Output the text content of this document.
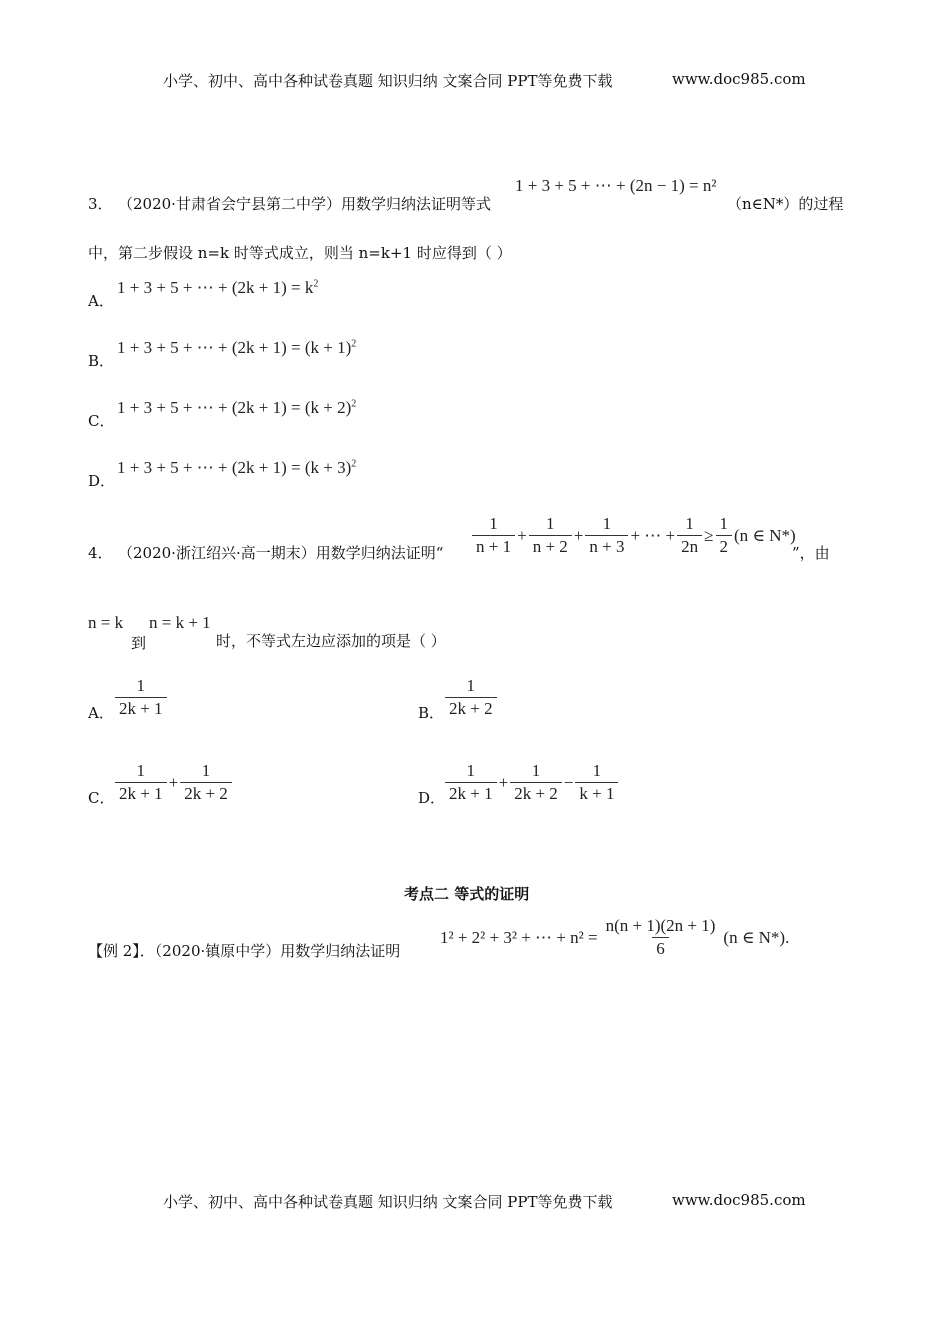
小学、初中、高中各种试卷真题 知识归纳 文案合同 PPT等免费下载	www.doc985.com
3． （2020·甘肃省会宁县第二中学）用数学归纳法证明等式
1 + 3 + 5 + ⋯ + (2n − 1) = n²
（n∈N*）的过程
中，第二步假设 n=k 时等式成立，则当 n=k+1 时应得到（ ）
A．
1 + 3 + 5 + ⋯ + $(2k + 1) = k^2$
B．
1 + 3 + 5 + ⋯ + $(2k + 1) = (k + 1)^2$
C．
1 + 3 + 5 + ⋯ + $(2k + 1) = (k + 2)^2$
D．
1 + 3 + 5 + ⋯ + $(2k + 1) = (k + 3)^2$
4． （2020·浙江绍兴·高一期末）用数学归纳法证明“ $\frac{1}{n + 1} + \frac{1}{n + 2} + \frac{1}{n + 3}$ + ⋯ + $\frac{1}{2n} \ge \frac{1}{2} (n$ ∈ N*)
”，由
n = k
到
n = k + 1
时，不等式左边应添加的项是（ ）
A． $\frac{1}{2k + 1}$	B． $\frac{1}{2k + 2}$
C． $\frac{1}{2k + 1} + \frac{1}{2k + 2}$	D． $\frac{1}{2k + 1} + \frac{1}{2k + 2} - \frac{1}{k + 1}$
考点二 等式的证明
【例 2】．（2020·镇原中学）用数学归纳法证明
1² + 2² + 3² + ⋯ + $n^2 = \frac{n(n + 1)(2n + 1)}{6} (n$ ∈ N*) .
小学、初中、高中各种试卷真题 知识归纳 文案合同 PPT等免费下载	www.doc985.com
